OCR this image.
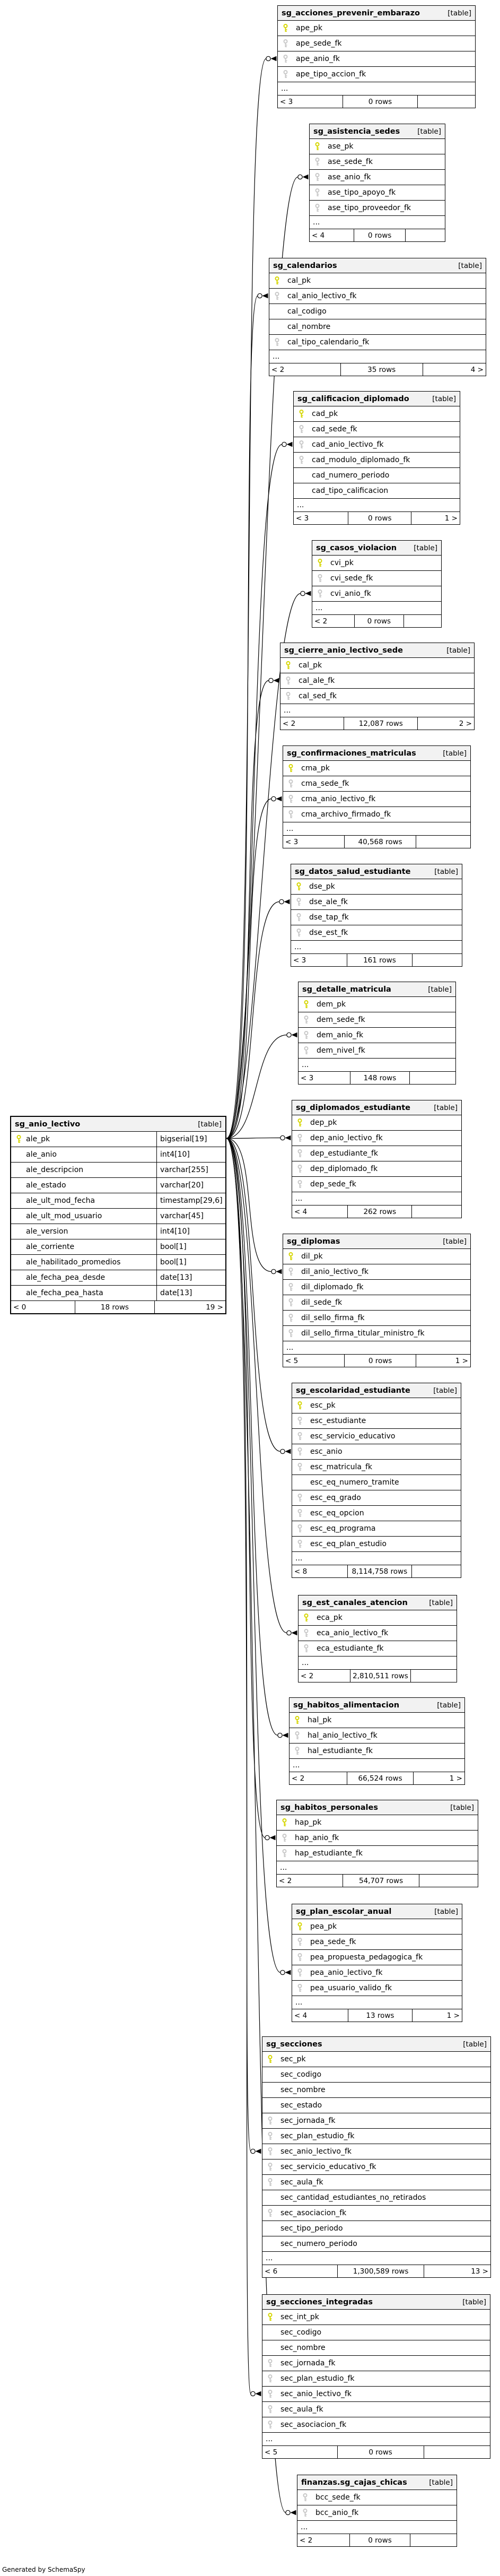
Generated by SchemaSpy
sg_anio_lectivo	[table]
ale_pk	bigserial[19]
ale_anio	int4[10]
ale_descripcion	varchar[255]
ale_estado	varchar[20]
ale_ult_mod_fecha	timestamp[29,6]
ale_ult_mod_usuario	varchar[45]
ale_version	int4[10]
ale_corriente	bool[1]
ale_habilitado_promedios	bool[1]
ale_fecha_pea_desde	date[13]
ale_fecha_pea_hasta	date[13]
< 0	18 rows	19 >
sg_acciones_prevenir_embarazo	[table]
ape_pk
ape_sede_fk
ape_anio_fk
ape_tipo_accion_fk
...
< 3	0 rows
sg_asistencia_sedes	[table]
ase_pk
ase_sede_fk
ase_anio_fk
ase_tipo_apoyo_fk
ase_tipo_proveedor_fk
...
< 4	0 rows
sg_calendarios	[table]
cal_pk
cal_anio_lectivo_fk
cal_codigo
cal_nombre
cal_tipo_calendario_fk
...
< 2	35 rows	4 >
sg_calificacion_diplomado	[table]
cad_pk
cad_sede_fk
cad_anio_lectivo_fk
cad_modulo_diplomado_fk
cad_numero_periodo
cad_tipo_calificacion
...
< 3	0 rows	1 >
sg_casos_violacion	[table]
cvi_pk
cvi_sede_fk
cvi_anio_fk
...
< 2	0 rows
sg_cierre_anio_lectivo_sede	[table]
cal_pk
cal_ale_fk
cal_sed_fk
...
< 2	12,087 rows	2 >
sg_confirmaciones_matriculas	[table]
cma_pk
cma_sede_fk
cma_anio_lectivo_fk
cma_archivo_firmado_fk
...
< 3	40,568 rows
sg_datos_salud_estudiante	[table]
dse_pk
dse_ale_fk
dse_tap_fk
dse_est_fk
...
< 3	161 rows
sg_detalle_matricula	[table]
dem_pk
dem_sede_fk
dem_anio_fk
dem_nivel_fk
...
< 3	148 rows
sg_diplomados_estudiante	[table]
dep_pk
dep_anio_lectivo_fk
dep_estudiante_fk
dep_diplomado_fk
dep_sede_fk
...
< 4	262 rows
sg_diplomas	[table]
dil_pk
dil_anio_lectivo_fk
dil_diplomado_fk
dil_sede_fk
dil_sello_firma_fk
dil_sello_firma_titular_ministro_fk
...
< 5	0 rows	1 >
sg_escolaridad_estudiante	[table]
esc_pk
esc_estudiante
esc_servicio_educativo
esc_anio
esc_matricula_fk
esc_eq_numero_tramite
esc_eq_grado
esc_eq_opcion
esc_eq_programa
esc_eq_plan_estudio
...
< 8	8,114,758 rows
sg_est_canales_atencion	[table]
eca_pk
eca_anio_lectivo_fk
eca_estudiante_fk
...
< 2	2,810,511 rows
sg_habitos_alimentacion	[table]
hal_pk
hal_anio_lectivo_fk
hal_estudiante_fk
...
< 2	66,524 rows	1 >
sg_habitos_personales	[table]
hap_pk
hap_anio_fk
hap_estudiante_fk
...
< 2	54,707 rows
sg_plan_escolar_anual	[table]
pea_pk
pea_sede_fk
pea_propuesta_pedagogica_fk
pea_anio_lectivo_fk
pea_usuario_valido_fk
...
< 4	13 rows	1 >
sg_secciones	[table]
sec_pk
sec_codigo
sec_nombre
sec_estado
sec_jornada_fk
sec_plan_estudio_fk
sec_anio_lectivo_fk
sec_servicio_educativo_fk
sec_aula_fk
sec_cantidad_estudiantes_no_retirados
sec_asociacion_fk
sec_tipo_periodo
sec_numero_periodo
...
< 6	1,300,589 rows	13 >
sg_secciones_integradas	[table]
sec_int_pk
sec_codigo
sec_nombre
sec_jornada_fk
sec_plan_estudio_fk
sec_anio_lectivo_fk
sec_aula_fk
sec_asociacion_fk
...
< 5	0 rows
finanzas.sg_cajas_chicas	[table]
bcc_sede_fk
bcc_anio_fk
...
< 2	0 rows
